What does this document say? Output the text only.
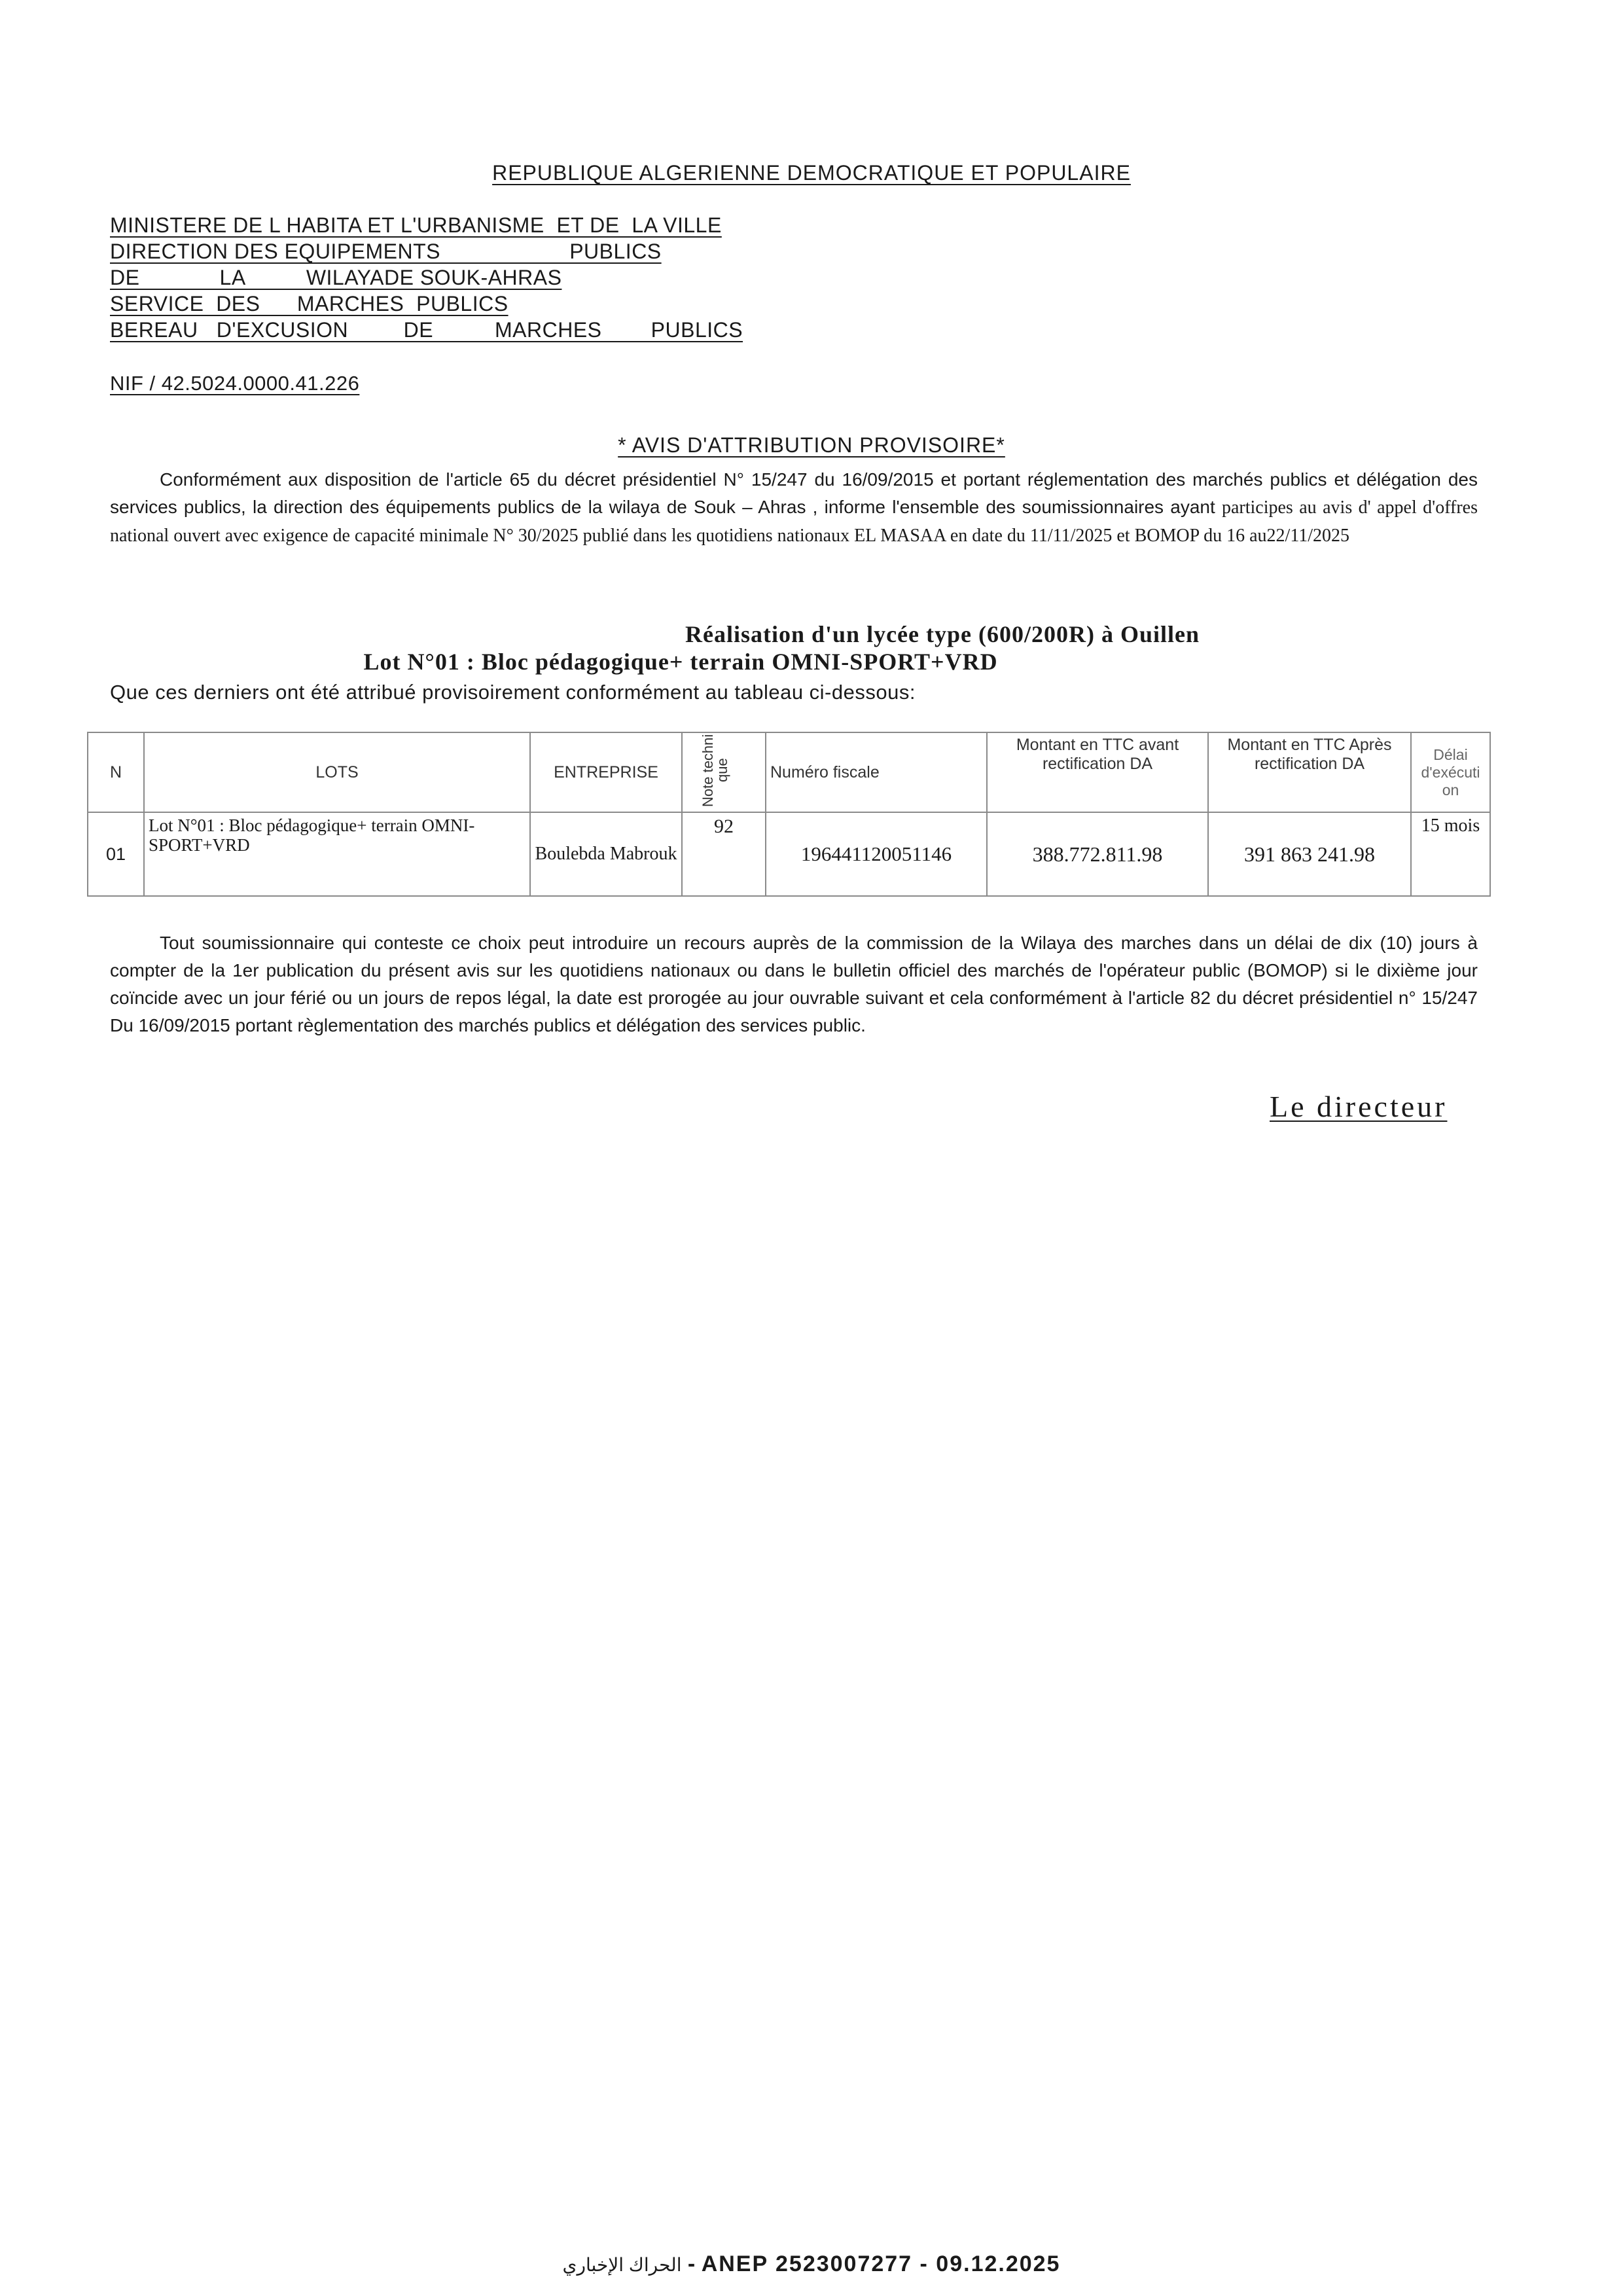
REPUBLIQUE ALGERIENNE DEMOCRATIQUE ET POPULAIRE
MINISTERE DE L HABITA ET L'URBANISME  ET DE  LA VILLE
DIRECTION DES EQUIPEMENTS                     PUBLICS
DE             LA          WILAYADE SOUK-AHRAS
SERVICE  DES      MARCHES  PUBLICS
BEREAU   D'EXCUSION         DE          MARCHES        PUBLICS
NIF / 42.5024.0000.41.226
* AVIS D'ATTRIBUTION PROVISOIRE*
Conformément aux disposition de l'article 65 du décret présidentiel N° 15/247 du 16/09/2015 et portant réglementation des marchés publics et délégation des services publics, la direction des équipements publics de la wilaya de Souk – Ahras , informe l'ensemble des soumissionnaires ayant participes au avis d' appel d'offres national ouvert avec exigence de capacité minimale N° 30/2025 publié dans les quotidiens nationaux EL MASAA en date du 11/11/2025 et BOMOP du 16 au22/11/2025
Réalisation d'un lycée type (600/200R) à Ouillen
Lot N°01 : Bloc pédagogique+ terrain OMNI-SPORT+VRD
Que ces derniers ont été attribué provisoirement conformément au tableau ci-dessous:
N	LOTS	ENTREPRISE	Note techni que	Numéro fiscale	Montant en TTC avant rectification DA	Montant en TTC Après rectification DA	Délai d'exécuti on
01	Lot N°01 : Bloc pédagogique+ terrain OMNI-SPORT+VRD	Boulebda Mabrouk	92	196441120051146	388.772.811.98	391 863 241.98	15 mois
Tout soumissionnaire qui conteste ce choix peut introduire un recours auprès de la commission de la Wilaya des marches dans un délai de dix (10) jours à compter de la 1er publication du présent avis sur les quotidiens nationaux ou dans le bulletin officiel des marchés de l'opérateur public (BOMOP) si le dixième jour coïncide avec un jour férié ou un jours de repos légal, la date est prorogée au jour ouvrable suivant et cela conformément à l'article 82 du décret présidentiel n° 15/247 Du 16/09/2015 portant règlementation des marchés publics et délégation des services public.
Le directeur
الحراك الإخباري - ANEP 2523007277 - 09.12.2025
